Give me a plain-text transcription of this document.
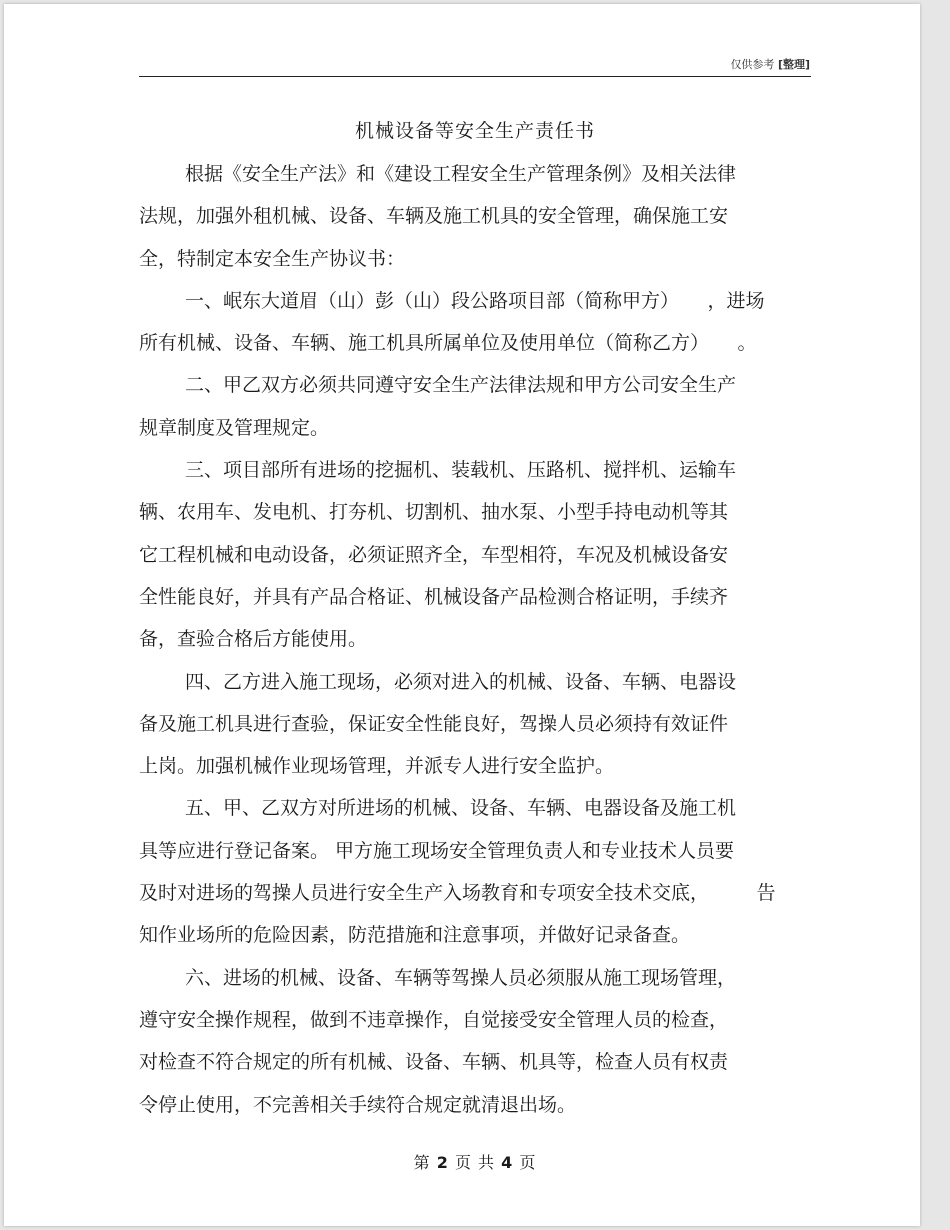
仅供参考 [整理]
机械设备等安全生产责任书
根据《安全生产法》和《建设工程安全生产管理条例》及相关法律
法规，加强外租机械、设备、车辆及施工机具的安全管理，确保施工安
全，特制定本安全生产协议书：
一、岷东大道眉（山）彭（山）段公路项目部（简称甲方）　　，进场
所有机械、设备、车辆、施工机具所属单位及使用单位（简称乙方）　　。
二、甲乙双方必须共同遵守安全生产法律法规和甲方公司安全生产
规章制度及管理规定。
三、项目部所有进场的挖掘机、装载机、压路机、搅拌机、运输车
辆、农用车、发电机、打夯机、切割机、抽水泵、小型手持电动机等其
它工程机械和电动设备，必须证照齐全，车型相符，车况及机械设备安
全性能良好，并具有产品合格证、机械设备产品检测合格证明，手续齐
备，查验合格后方能使用。
四、乙方进入施工现场，必须对进入的机械、设备、车辆、电器设
备及施工机具进行查验，保证安全性能良好，驾操人员必须持有效证件
上岗。加强机械作业现场管理，并派专人进行安全监护。
五、甲、乙双方对所进场的机械、设备、车辆、电器设备及施工机
具等应进行登记备案。 甲方施工现场安全管理负责人和专业技术人员要
及时对进场的驾操人员进行安全生产入场教育和专项安全技术交底，　　　告
知作业场所的危险因素，防范措施和注意事项，并做好记录备查。
六、进场的机械、设备、车辆等驾操人员必须服从施工现场管理，
遵守安全操作规程，做到不违章操作，自觉接受安全管理人员的检查，
对检查不符合规定的所有机械、设备、车辆、机具等，检查人员有权责
令停止使用，不完善相关手续符合规定就清退出场。
第 2 页 共 4 页
